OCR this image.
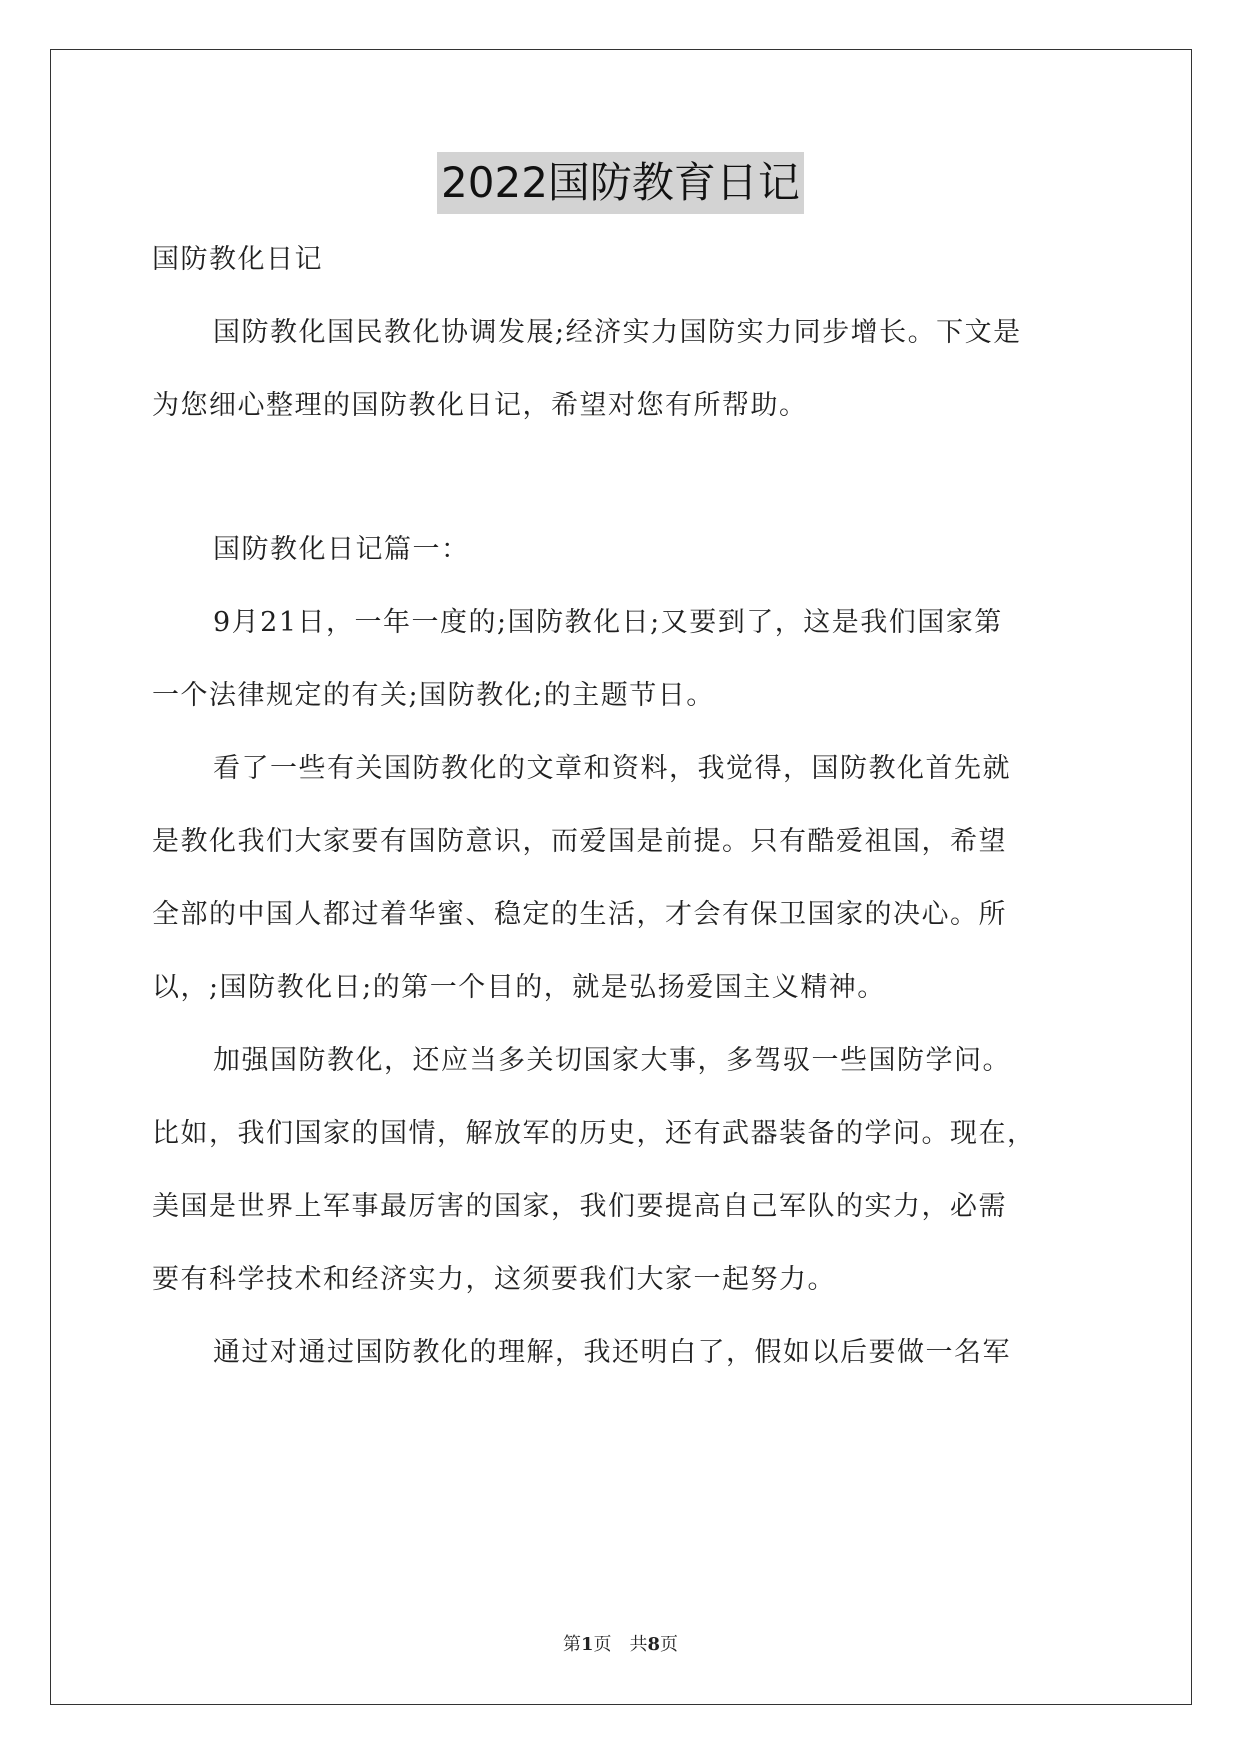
2022国防教育日记
国防教化日记
国防教化国民教化协调发展;经济实力国防实力同步增长。下文是
为您细心整理的国防教化日记，希望对您有所帮助。
国防教化日记篇一：
9月21日，一年一度的;国防教化日;又要到了，这是我们国家第
一个法律规定的有关;国防教化;的主题节日。
看了一些有关国防教化的文章和资料，我觉得，国防教化首先就
是教化我们大家要有国防意识，而爱国是前提。只有酷爱祖国，希望
全部的中国人都过着华蜜、稳定的生活，才会有保卫国家的决心。所
以，;国防教化日;的第一个目的，就是弘扬爱国主义精神。
加强国防教化，还应当多关切国家大事，多驾驭一些国防学问。
比如，我们国家的国情，解放军的历史，还有武器装备的学问。现在，
美国是世界上军事最厉害的国家，我们要提高自己军队的实力，必需
要有科学技术和经济实力，这须要我们大家一起努力。
通过对通过国防教化的理解，我还明白了，假如以后要做一名军
第1页　共8页
